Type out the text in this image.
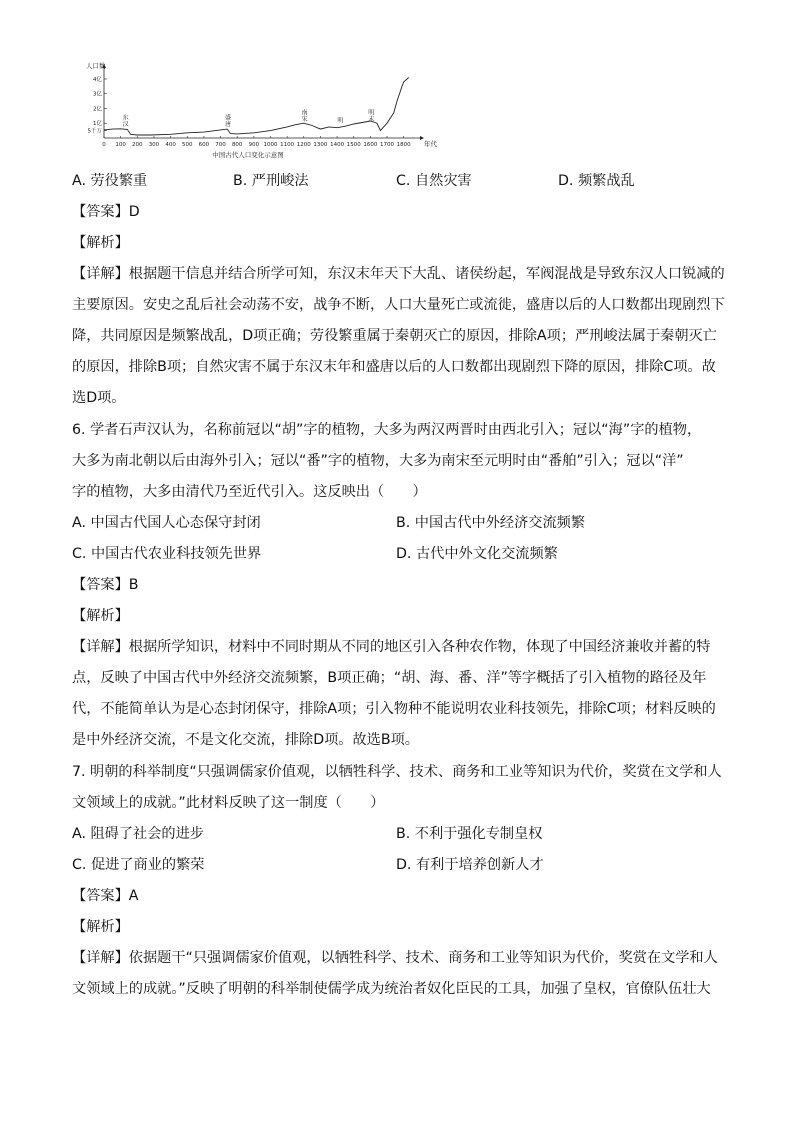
人口数
年代
5千万
1亿
2亿
3亿
4亿
0 100 200 300 400 500 600 700 800 900 1000 1100 1200 1300 1400 1500 1600 1700 1800
东
汉
盛
唐
南
宋	明
明
末
中国古代人口变化示意图
A. 劳役繁重	B. 严刑峻法	C. 自然灾害	D. 频繁战乱
【答案】D
【解析】
【详解】根据题干信息并结合所学可知，东汉末年天下大乱、诸侯纷起，军阀混战是导致东汉人口锐减的
主要原因。安史之乱后社会动荡不安，战争不断，人口大量死亡或流徙，盛唐以后的人口数都出现剧烈下
降，共同原因是频繁战乱，D项正确；劳役繁重属于秦朝灭亡的原因，排除A项；严刑峻法属于秦朝灭亡
的原因，排除B项；自然灾害不属于东汉末年和盛唐以后的人口数都出现剧烈下降的原因，排除C项。故
选D项。
6. 学者石声汉认为，名称前冠以“胡”字的植物，大多为两汉两晋时由西北引入；冠以“海”字的植物，
大多为南北朝以后由海外引入；冠以“番”字的植物，大多为南宋至元明时由“番舶”引入；冠以“洋”
字的植物，大多由清代乃至近代引入。这反映出（　　）
A. 中国古代国人心态保守封闭	B. 中国古代中外经济交流频繁
C. 中国古代农业科技领先世界	D. 古代中外文化交流频繁
【答案】B
【解析】
【详解】根据所学知识，材料中不同时期从不同的地区引入各种农作物，体现了中国经济兼收并蓄的特
点，反映了中国古代中外经济交流频繁，B项正确；“胡、海、番、洋”等字概括了引入植物的路径及年
代，不能简单认为是心态封闭保守，排除A项；引入物种不能说明农业科技领先，排除C项；材料反映的
是中外经济交流，不是文化交流，排除D项。故选B项。
7. 明朝的科举制度“只强调儒家价值观，以牺牲科学、技术、商务和工业等知识为代价，奖赏在文学和人
文领域上的成就。”此材料反映了这一制度（　　）
A. 阻碍了社会的进步	B. 不利于强化专制皇权
C. 促进了商业的繁荣	D. 有利于培养创新人才
【答案】A
【解析】
【详解】依据题干“只强调儒家价值观，以牺牲科学、技术、商务和工业等知识为代价，奖赏在文学和人
文领域上的成就。”反映了明朝的科举制使儒学成为统治者奴化臣民的工具，加强了皇权，官僚队伍壮大
